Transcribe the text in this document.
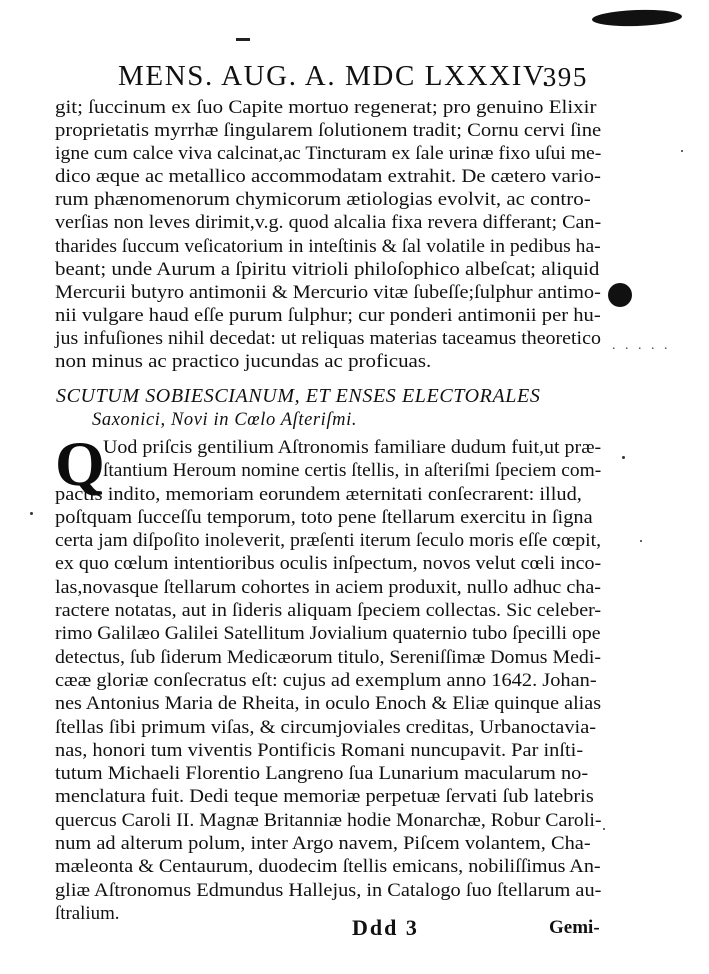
MENS. AUG. A. MDC LXXXIV.
395
git; ſuccinum ex ſuo Capite mortuo regenerat; pro genuino Elixir
proprietatis myrrhæ ſingularem ſolutionem tradit; Cornu cervi ſine
igne cum calce viva calcinat,ac Tincturam ex ſale urinæ fixo uſui me-
dico æque ac metallico accommodatam extrahit. De cætero vario-
rum phænomenorum chymicorum ætiologias evolvit, ac contro-
verſias non leves dirimit,v.g. quod alcalia fixa revera differant; Can-
tharides ſuccum veſicatorium in inteſtinis & ſal volatile in pedibus ha-
beant; unde Aurum a ſpiritu vitrioli philoſophico albeſcat; aliquid
Mercurii butyro antimonii & Mercurio vitæ ſubeſſe;ſulphur antimo-
nii vulgare haud eſſe purum ſulphur; cur ponderi antimonii per hu-
jus infuſiones nihil decedat: ut reliquas materias taceamus theoretico
non minus ac practico jucundas ac proficuas.
. . . . .
SCUTUM SOBIESCIANUM, ET ENSES ELECTORALES
Saxonici, Novi in Cœlo Aſteriſmi.
Q
Uod priſcis gentilium Aſtronomis familiare dudum fuit,ut præ-
ſtantium Heroum nomine certis ſtellis, in aſteriſmi ſpeciem com-
pactis indito, memoriam eorundem æternitati conſecrarent: illud,
poſtquam ſucceſſu temporum, toto pene ſtellarum exercitu in ſigna
certa jam diſpoſito inoleverit, præſenti iterum ſeculo moris eſſe cœpit,
ex quo cœlum intentioribus oculis inſpectum, novos velut cœli inco-
las,novasque ſtellarum cohortes in aciem produxit, nullo adhuc cha-
ractere notatas, aut in ſideris aliquam ſpeciem collectas. Sic celeber-
rimo Galilæo Galilei Satellitum Jovialium quaternio tubo ſpecilli ope
detectus, ſub ſiderum Medicæorum titulo, Sereniſſimæ Domus Medi-
cææ gloriæ conſecratus eſt: cujus ad exemplum anno 1642. Johan-
nes Antonius Maria de Rheita, in oculo Enoch & Eliæ quinque alias
ſtellas ſibi primum viſas, & circumjoviales creditas, Urbanoctavia-
nas, honori tum viventis Pontificis Romani nuncupavit. Par inſti-
tutum Michaeli Florentio Langreno ſua Lunarium macularum no-
menclatura fuit. Dedi teque memoriæ perpetuæ ſervati ſub latebris
quercus Caroli II. Magnæ Britanniæ hodie Monarchæ, Robur Caroli-
num ad alterum polum, inter Argo navem, Piſcem volantem, Cha-
mæleonta & Centaurum, duodecim ſtellis emicans, nobiliſſimus An-
gliæ Aſtronomus Edmundus Hallejus, in Catalogo ſuo ſtellarum au-
ſtralium.
Ddd 3	Gemi-
